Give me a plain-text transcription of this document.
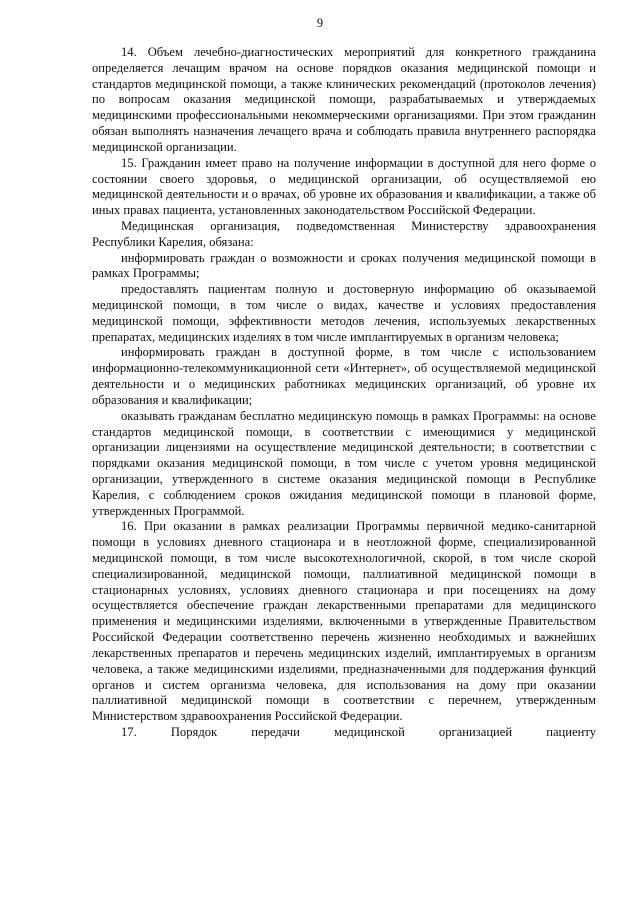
9

14. Объем лечебно-диагностических мероприятий для конкретного гражданина определяется лечащим врачом на основе порядков оказания медицинской помощи и стандартов медицинской помощи, а также клинических рекомендаций (протоколов лечения) по вопросам оказания медицинской помощи, разрабатываемых и утверждаемых медицинскими профессиональными некоммерческими организациями. При этом гражданин обязан выполнять назначения лечащего врача и соблюдать правила внутреннего распорядка медицинской организации.

15. Гражданин имеет право на получение информации в доступной для него форме о состоянии своего здоровья, о медицинской организации, об осуществляемой ею медицинской деятельности и о врачах, об уровне их образования и квалификации, а также об иных правах пациента, установленных законодательством Российской Федерации.

Медицинская организация, подведомственная Министерству здравоохранения Республики Карелия, обязана:

информировать граждан о возможности и сроках получения медицинской помощи в рамках Программы;

предоставлять пациентам полную и достоверную информацию об оказываемой медицинской помощи, в том числе о видах, качестве и условиях предоставления медицинской помощи, эффективности методов лечения, используемых лекарственных препаратах, медицинских изделиях в том числе имплантируемых в организм человека;

информировать граждан в доступной форме, в том числе с использованием информационно-телекоммуникационной сети «Интернет», об осуществляемой медицинской деятельности и о медицинских работниках медицинских организаций, об уровне их образования и квалификации;

оказывать гражданам бесплатно медицинскую помощь в рамках Программы: на основе стандартов медицинской помощи, в соответствии с имеющимися у медицинской организации лицензиями на осуществление медицинской деятельности; в соответствии с порядками оказания медицинской помощи, в том числе с учетом уровня медицинской организации, утвержденного в системе оказания медицинской помощи в Республике Карелия, с соблюдением сроков ожидания медицинской помощи в плановой форме, утвержденных Программой.

16. При оказании в рамках реализации Программы первичной медико-санитарной помощи в условиях дневного стационара и в неотложной форме, специализированной медицинской помощи, в том числе высокотехнологичной, скорой, в том числе скорой специализированной, медицинской помощи, паллиативной медицинской помощи в стационарных условиях, условиях дневного стационара и при посещениях на дому осуществляется обеспечение граждан лекарственными препаратами для медицинского применения и медицинскими изделиями, включенными в утвержденные Правительством Российской Федерации соответственно перечень жизненно необходимых и важнейших лекарственных препаратов и перечень медицинских изделий, имплантируемых в организм человека, а также медицинскими изделиями, предназначенными для поддержания функций органов и систем организма человека, для использования на дому при оказании паллиативной медицинской помощи в соответствии с перечнем, утвержденным Министерством здравоохранения Российской Федерации.

17. Порядок передачи медицинской организацией пациенту
